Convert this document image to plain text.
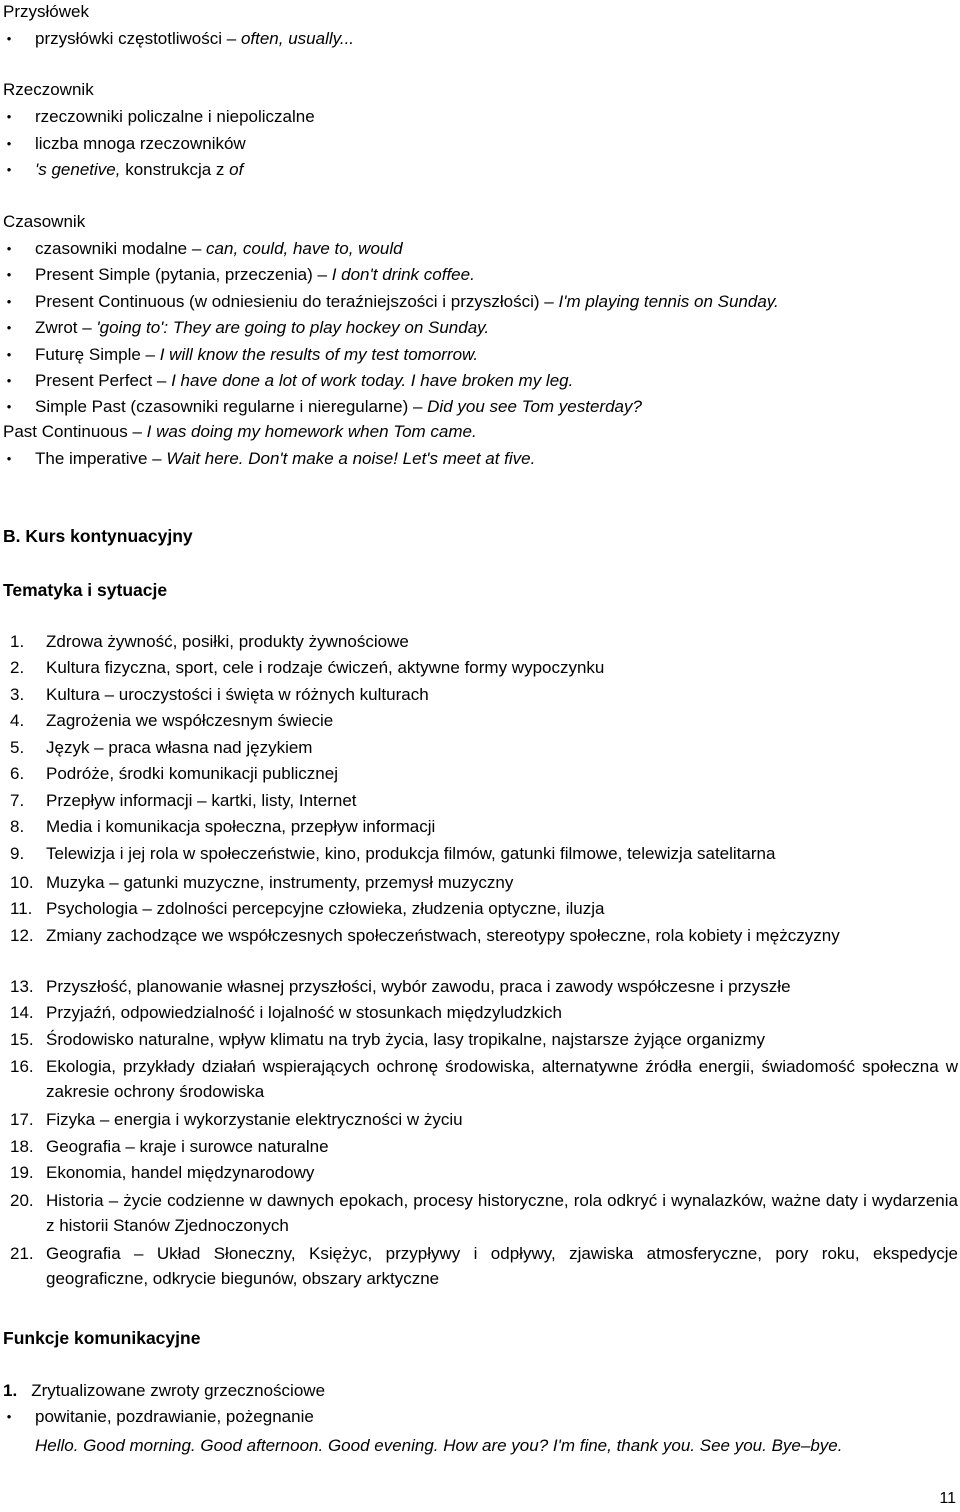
Przysłówek
• przysłówki częstotliwości – often, usually...
Rzeczownik
• rzeczowniki policzalne i niepoliczalne
• liczba mnoga rzeczowników
• 's genetive, konstrukcja z of
Czasownik
• czasowniki modalne – can, could, have to, would
• Present Simple (pytania, przeczenia) – I don't drink coffee.
• Present Continuous (w odniesieniu do teraźniejszości i przyszłości) – I'm playing tennis on Sunday.
• Zwrot – 'going to': They are going to play hockey on Sunday.
• Futurę Simple – I will know the results of my test tomorrow.
• Present Perfect – I have done a lot of work today. I have broken my leg.
• Simple Past (czasowniki regularne i nieregularne) – Did you see Tom yesterday?
Past Continuous – I was doing my homework when Tom came.
• The imperative – Wait here. Don't make a noise! Let's meet at five.
B. Kurs kontynuacyjny
Tematyka i sytuacje
1.	Zdrowa żywność, posiłki, produkty żywnościowe
2.	Kultura fizyczna, sport, cele i rodzaje ćwiczeń, aktywne formy wypoczynku
3.	Kultura – uroczystości i święta w różnych kulturach
4.	Zagrożenia we współczesnym świecie
5.	Język – praca własna nad językiem
6.	Podróże, środki komunikacji publicznej
7.	Przepływ informacji – kartki, listy, Internet
8.	Media i komunikacja społeczna, przepływ informacji
9.	Telewizja i jej rola w społeczeństwie, kino, produkcja filmów, gatunki filmowe, telewizja satelitarna
10. Muzyka – gatunki muzyczne, instrumenty, przemysł muzyczny
11. Psychologia – zdolności percepcyjne człowieka, złudzenia optyczne, iluzja
12. Zmiany zachodzące we współczesnych społeczeństwach, stereotypy społeczne, rola kobiety i mężczyzny
13. Przyszłość, planowanie własnej przyszłości, wybór zawodu, praca i zawody współczesne i przyszłe
14. Przyjaźń, odpowiedzialność i lojalność w stosunkach międzyludzkich
15. Środowisko naturalne, wpływ klimatu na tryb życia, lasy tropikalne, najstarsze żyjące organizmy
16. Ekologia, przykłady działań wspierających ochronę środowiska, alternatywne źródła energii, świadomość społeczna w zakresie ochrony środowiska
17. Fizyka – energia i wykorzystanie elektryczności w życiu
18. Geografia – kraje i surowce naturalne
19. Ekonomia, handel międzynarodowy
20. Historia – życie codzienne w dawnych epokach, procesy historyczne, rola odkryć i wynalazków, ważne daty i wydarzenia z historii Stanów Zjednoczonych
21. Geografia – Układ Słoneczny, Księżyc, przypływy i odpływy, zjawiska atmosferyczne, pory roku, ekspedycje geograficzne, odkrycie biegunów, obszary arktyczne
Funkcje komunikacyjne
1. Zrytualizowane zwroty grzecznościowe
• powitanie, pozdrawianie, pożegnanie
Hello. Good morning. Good afternoon. Good evening. How are you? I'm fine, thank you. See you. Bye–bye.
11
